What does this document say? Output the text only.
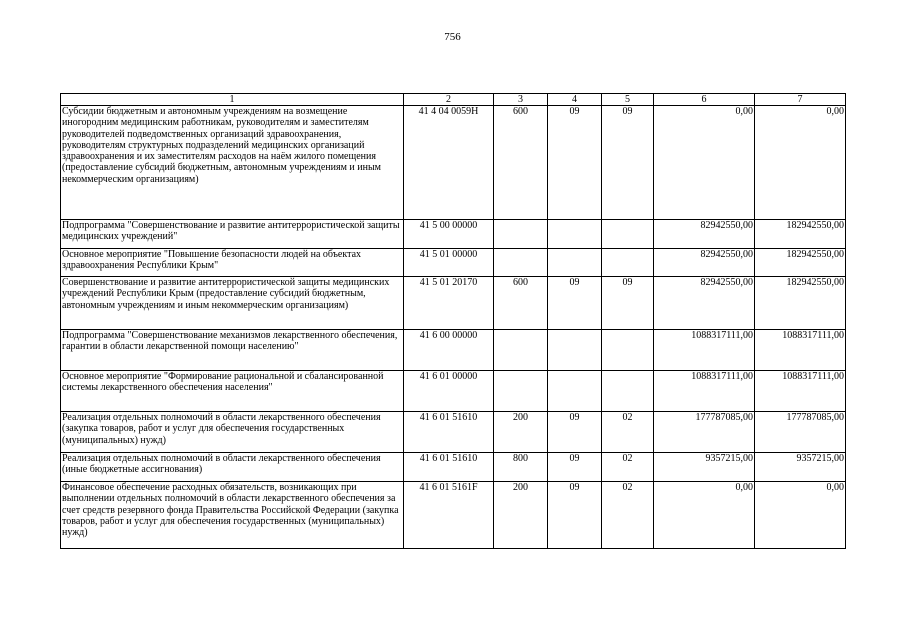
756
1	2	3	4	5	6	7
Субсидии бюджетным и автономным учреждениям на возмещение иногородним медицинским работникам, руководителям и заместителям руководителей подведомственных организаций здравоохранения, руководителям структурных подразделений медицинских организаций здравоохранения и их заместителям расходов на наём жилого помещения (предоставление субсидий бюджетным, автономным учреждениям и иным некоммерческим организациям)	41 4 04 0059Н	600	09	09	0,00	0,00
Подпрограмма "Совершенствование и развитие антитеррористической защиты медицинских учреждений"	41 5 00 00000				82942550,00	182942550,00
Основное мероприятие "Повышение безопасности людей на объектах здравоохранения Республики Крым"	41 5 01 00000				82942550,00	182942550,00
Совершенствование и развитие антитеррористической защиты медицинских учреждений Республики Крым (предоставление субсидий бюджетным, автономным учреждениям и иным некоммерческим организациям)	41 5 01 20170	600	09	09	82942550,00	182942550,00
Подпрограмма "Совершенствование механизмов лекарственного обеспечения, гарантии в области лекарственной помощи населению"	41 6 00 00000				1088317111,00	1088317111,00
Основное мероприятие "Формирование рациональной и сбалансированной системы лекарственного обеспечения населения"	41 6 01 00000				1088317111,00	1088317111,00
Реализация отдельных полномочий в области лекарственного обеспечения (закупка товаров, работ и услуг для обеспечения государственных (муниципальных) нужд)	41 6 01 51610	200	09	02	177787085,00	177787085,00
Реализация отдельных полномочий в области лекарственного обеспечения (иные бюджетные ассигнования)	41 6 01 51610	800	09	02	9357215,00	9357215,00
Финансовое обеспечение расходных обязательств, возникающих при выполнении отдельных полномочий в области лекарственного обеспечения за счет средств резервного фонда Правительства Российской Федерации (закупка товаров, работ и услуг для обеспечения государственных (муниципальных) нужд)	41 6 01 5161F	200	09	02	0,00	0,00
